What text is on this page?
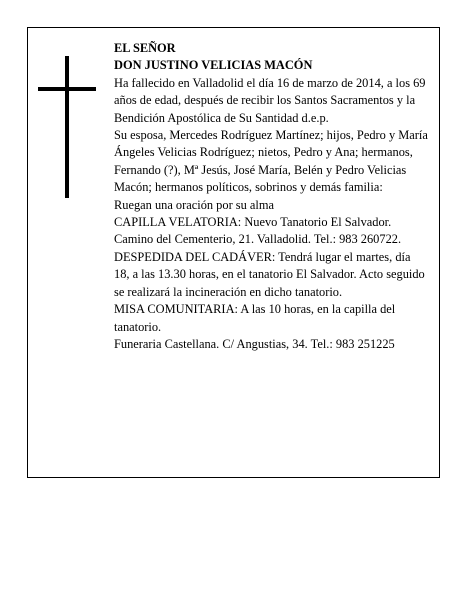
EL SEÑOR

DON JUSTINO VELICIAS MACÓN

Ha fallecido en Valladolid el día 16 de marzo de 2014, a los 69 años de edad, después de recibir los Santos Sacramentos y la Bendición Apostólica de Su Santidad d.e.p.

Su esposa, Mercedes Rodríguez Martínez; hijos, Pedro y María Ángeles Velicias Rodríguez; nietos, Pedro y Ana; hermanos, Fernando (?), Mª Jesús, José María, Belén y Pedro Velicias Macón; hermanos políticos, sobrinos y demás familia:

Ruegan una oración por su alma

CAPILLA VELATORIA: Nuevo Tanatorio El Salvador. Camino del Cementerio, 21. Valladolid. Tel.: 983 260722.

DESPEDIDA DEL CADÁVER: Tendrá lugar el martes, día 18, a las 13.30 horas, en el tanatorio El Salvador. Acto seguido se realizará la incineración en dicho tanatorio.

MISA COMUNITARIA: A las 10 horas, en la capilla del tanatorio.

Funeraria Castellana. C/ Angustias, 34. Tel.: 983 251225
